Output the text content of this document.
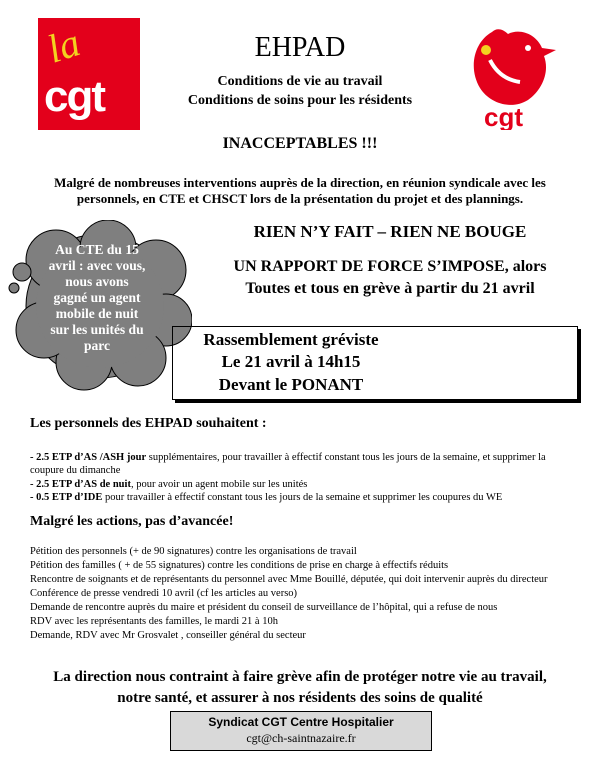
la
cgt	cgt
EHPAD
Conditions de vie au travail
Conditions de soins pour les résidents
INACCEPTABLES !!!
Malgré de nombreuses interventions auprès de la direction, en réunion syndicale avec les personnels, en CTE et CHSCT lors de la présentation du projet et des plannings.
Au CTE du 15
avril : avec vous,
nous avons
gagné un agent
mobile de nuit
sur les unités du
parc
RIEN N’Y FAIT – RIEN NE BOUGE
UN RAPPORT DE FORCE S’IMPOSE, alors
Toutes et tous en grève à partir du 21 avril
Rassemblement gréviste
Le 21 avril à 14h15
Devant le PONANT
Les personnels des EHPAD souhaitent :
- 2.5 ETP d’AS /ASH jour supplémentaires, pour travailler à effectif constant tous les jours de la semaine, et supprimer la coupure du dimanche
- 2.5 ETP d’AS de nuit, pour avoir un agent mobile sur les unités
- 0.5 ETP d’IDE pour travailler à effectif constant tous les jours de la semaine et supprimer les coupures du WE
Malgré les actions, pas d’avancée!
Pétition des personnels (+ de 90 signatures) contre les organisations de travail
Pétition des familles ( + de 55 signatures) contre les conditions de prise en charge à effectifs réduits
Rencontre de soignants et de représentants du personnel avec Mme Bouillé, députée, qui doit intervenir auprès du directeur
Conférence de presse vendredi 10 avril (cf les articles au verso)
Demande de rencontre auprès du maire et président du conseil de surveillance de l’hôpital, qui a refuse de nous
RDV avec les représentants des familles, le mardi 21 à 10h
Demande, RDV avec Mr Grosvalet , conseiller général du secteur
La direction nous contraint à faire grève afin de protéger notre vie au travail,
notre santé, et assurer à nos résidents des soins de qualité
Syndicat CGT Centre Hospitalier
cgt@ch-saintnazaire.fr
